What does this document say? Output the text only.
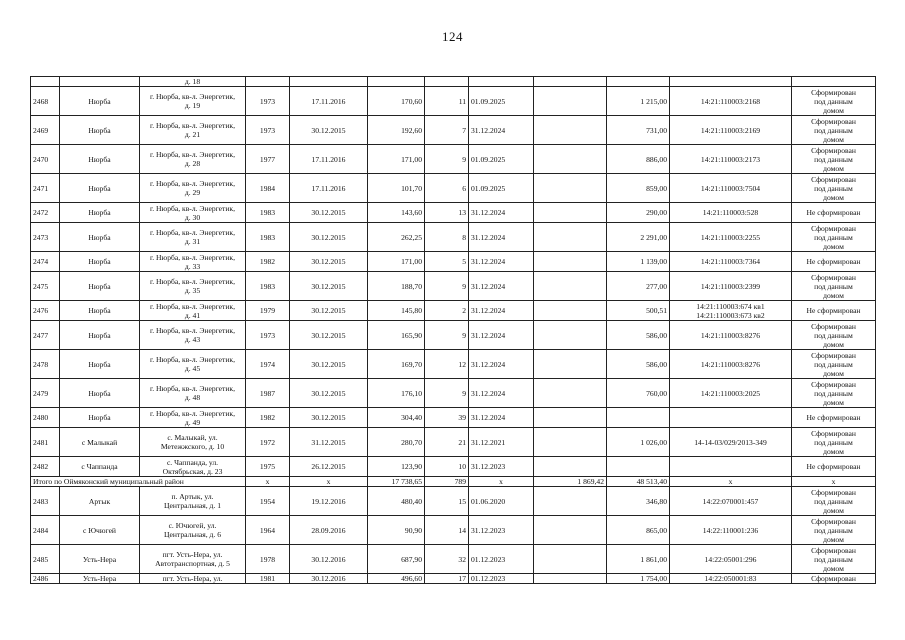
124

		д. 18									

2468	Нюрба	г. Нюрба, кв-л. Энергетик,
д. 19	1973	17.11.2016	170,60	11	01.09.2025		1 215,00	14:21:110003:2168	Сформирован
под данным
домом

2469	Нюрба	г. Нюрба, кв-л. Энергетик,
д. 21	1973	30.12.2015	192,60	7	31.12.2024		731,00	14:21:110003:2169	Сформирован
под данным
домом

2470	Нюрба	г. Нюрба, кв-л. Энергетик,
д. 28	1977	17.11.2016	171,00	9	01.09.2025		886,00	14:21:110003:2173	Сформирован
под данным
домом

2471	Нюрба	г. Нюрба, кв-л. Энергетик,
д. 29	1984	17.11.2016	101,70	6	01.09.2025		859,00	14:21:110003:7504	Сформирован
под данным
домом

2472	Нюрба	г. Нюрба, кв-л. Энергетик,
д. 30	1983	30.12.2015	143,60	13	31.12.2024		290,00	14:21:110003:528	Не сформирован

2473	Нюрба	г. Нюрба, кв-л. Энергетик,
д. 31	1983	30.12.2015	262,25	8	31.12.2024		2 291,00	14:21:110003:2255	Сформирован
под данным
домом

2474	Нюрба	г. Нюрба, кв-л. Энергетик,
д. 33	1982	30.12.2015	171,00	5	31.12.2024		1 139,00	14:21:110003:7364	Не сформирован

2475	Нюрба	г. Нюрба, кв-л. Энергетик,
д. 35	1983	30.12.2015	188,70	9	31.12.2024		277,00	14:21:110003:2399	Сформирован
под данным
домом

2476	Нюрба	г. Нюрба, кв-л. Энергетик,
д. 41	1979	30.12.2015	145,80	2	31.12.2024		500,51	14:21:110003:674 кв1
14:21:110003:673 кв2	Не сформирован

2477	Нюрба	г. Нюрба, кв-л. Энергетик,
д. 43	1973	30.12.2015	165,90	9	31.12.2024		586,00	14:21:110003:8276	Сформирован
под данным
домом

2478	Нюрба	г. Нюрба, кв-л. Энергетик,
д. 45	1974	30.12.2015	169,70	12	31.12.2024		586,00	14:21:110003:8276	Сформирован
под данным
домом

2479	Нюрба	г. Нюрба, кв-л. Энергетик,
д. 48	1987	30.12.2015	176,10	9	31.12.2024		760,00	14:21:110003:2025	Сформирован
под данным
домом

2480	Нюрба	г. Нюрба, кв-л. Энергетик,
д. 49	1982	30.12.2015	304,40	39	31.12.2024				Не сформирован

2481	с Малыкай	с. Малыкай, ул.
Метежжского, д. 10	1972	31.12.2015	280,70	21	31.12.2021		1 026,00	14-14-03/029/2013-349	Сформирован
под данным
домом

2482	с Чаппанда	с. Чаппанда, ул.
Октябрьская, д. 23	1975	26.12.2015	123,90	10	31.12.2023				Не сформирован

Итого по Оймяконский муниципальный район			x	x	17 738,65	789	x	1 869,42	48 513,40	x	x
2483	Артык	п. Артык, ул.
Центральная, д. 1	1954	19.12.2016	480,40	15	01.06.2020		346,80	14:22:070001:457	Сформирован
под данным
домом

2484	с Ючюгей	с. Ючюгей, ул.
Центральная, д. 6	1964	28.09.2016	90,90	14	31.12.2023		865,00	14:22:110001:236	Сформирован
под данным
домом

2485	Усть-Нера	пгт. Усть-Нера, ул.
Автотранспортная, д. 5	1978	30.12.2016	687,90	32	01.12.2023		1 861,00	14:22:05001:296	Сформирован
под данным
домом

2486	Усть-Нера	пгт. Усть-Нера, ул.	1981	30.12.2016	496,60	17	01.12.2023		1 754,00	14:22:050001:83	Сформирован
